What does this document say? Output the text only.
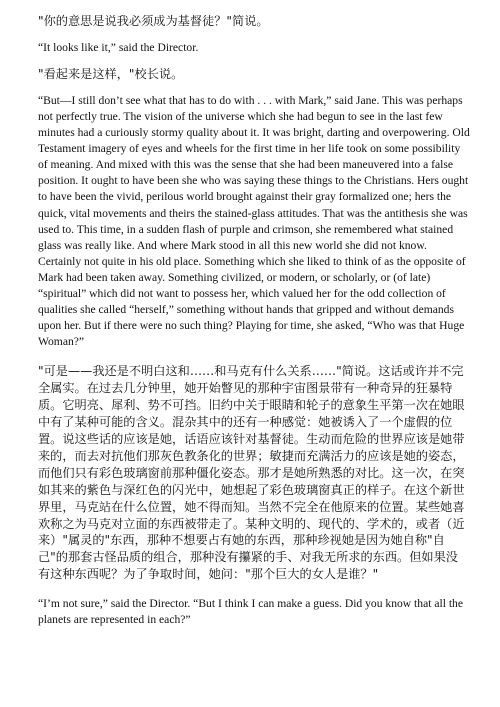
"你的意思是说我必须成为基督徒？"简说。

“It looks like it,” said the Director.

"看起来是这样，"校长说。

“But—I still don’t see what that has to do with . . . with Mark,” said Jane. This was perhaps not perfectly true. The vision of the universe which she had begun to see in the last few minutes had a curiously stormy quality about it. It was bright, darting and overpowering. Old Testament imagery of eyes and wheels for the first time in her life took on some possibility of meaning. And mixed with this was the sense that she had been maneuvered into a false position. It ought to have been she who was saying these things to the Christians. Hers ought to have been the vivid, perilous world brought against their gray formalized one; hers the quick, vital movements and theirs the stained-glass attitudes. That was the antithesis she was used to. This time, in a sudden flash of purple and crimson, she remembered what stained glass was really like. And where Mark stood in all this new world she did not know. Certainly not quite in his old place. Something which she liked to think of as the opposite of Mark had been taken away. Something civilized, or modern, or scholarly, or (of late) “spiritual” which did not want to possess her, which valued her for the odd collection of qualities she called “herself,” something without hands that gripped and without demands upon her. But if there were no such thing? Playing for time, she asked, “Who was that Huge Woman?”

"可是——我还是不明白这和……和马克有什么关系……"简说。这话或许并不完全属实。在过去几分钟里，她开始瞥见的那种宇宙图景带有一种奇异的狂暴特质。它明亮、犀利、势不可挡。旧约中关于眼睛和轮子的意象生平第一次在她眼中有了某种可能的含义。混杂其中的还有一种感觉：她被诱入了一个虚假的位置。说这些话的应该是她，话语应该针对基督徒。生动而危险的世界应该是她带来的，而去对抗他们那灰色教条化的世界；敏捷而充满活力的应该是她的姿态，而他们只有彩色玻璃窗前那种僵化姿态。那才是她所熟悉的对比。这一次，在突如其来的紫色与深红色的闪光中，她想起了彩色玻璃窗真正的样子。在这个新世界里，马克站在什么位置，她不得而知。当然不完全在他原来的位置。某些她喜欢称之为马克对立面的东西被带走了。某种文明的、现代的、学术的，或者（近来）"属灵的"东西，那种不想要占有她的东西，那种珍视她是因为她自称"自己"的那套古怪品质的组合，那种没有攥紧的手、对我无所求的东西。但如果没有这种东西呢？为了争取时间，她问："那个巨大的女人是谁？"

“I’m not sure,” said the Director. “But I think I can make a guess. Did you know that all the planets are represented in each?”
